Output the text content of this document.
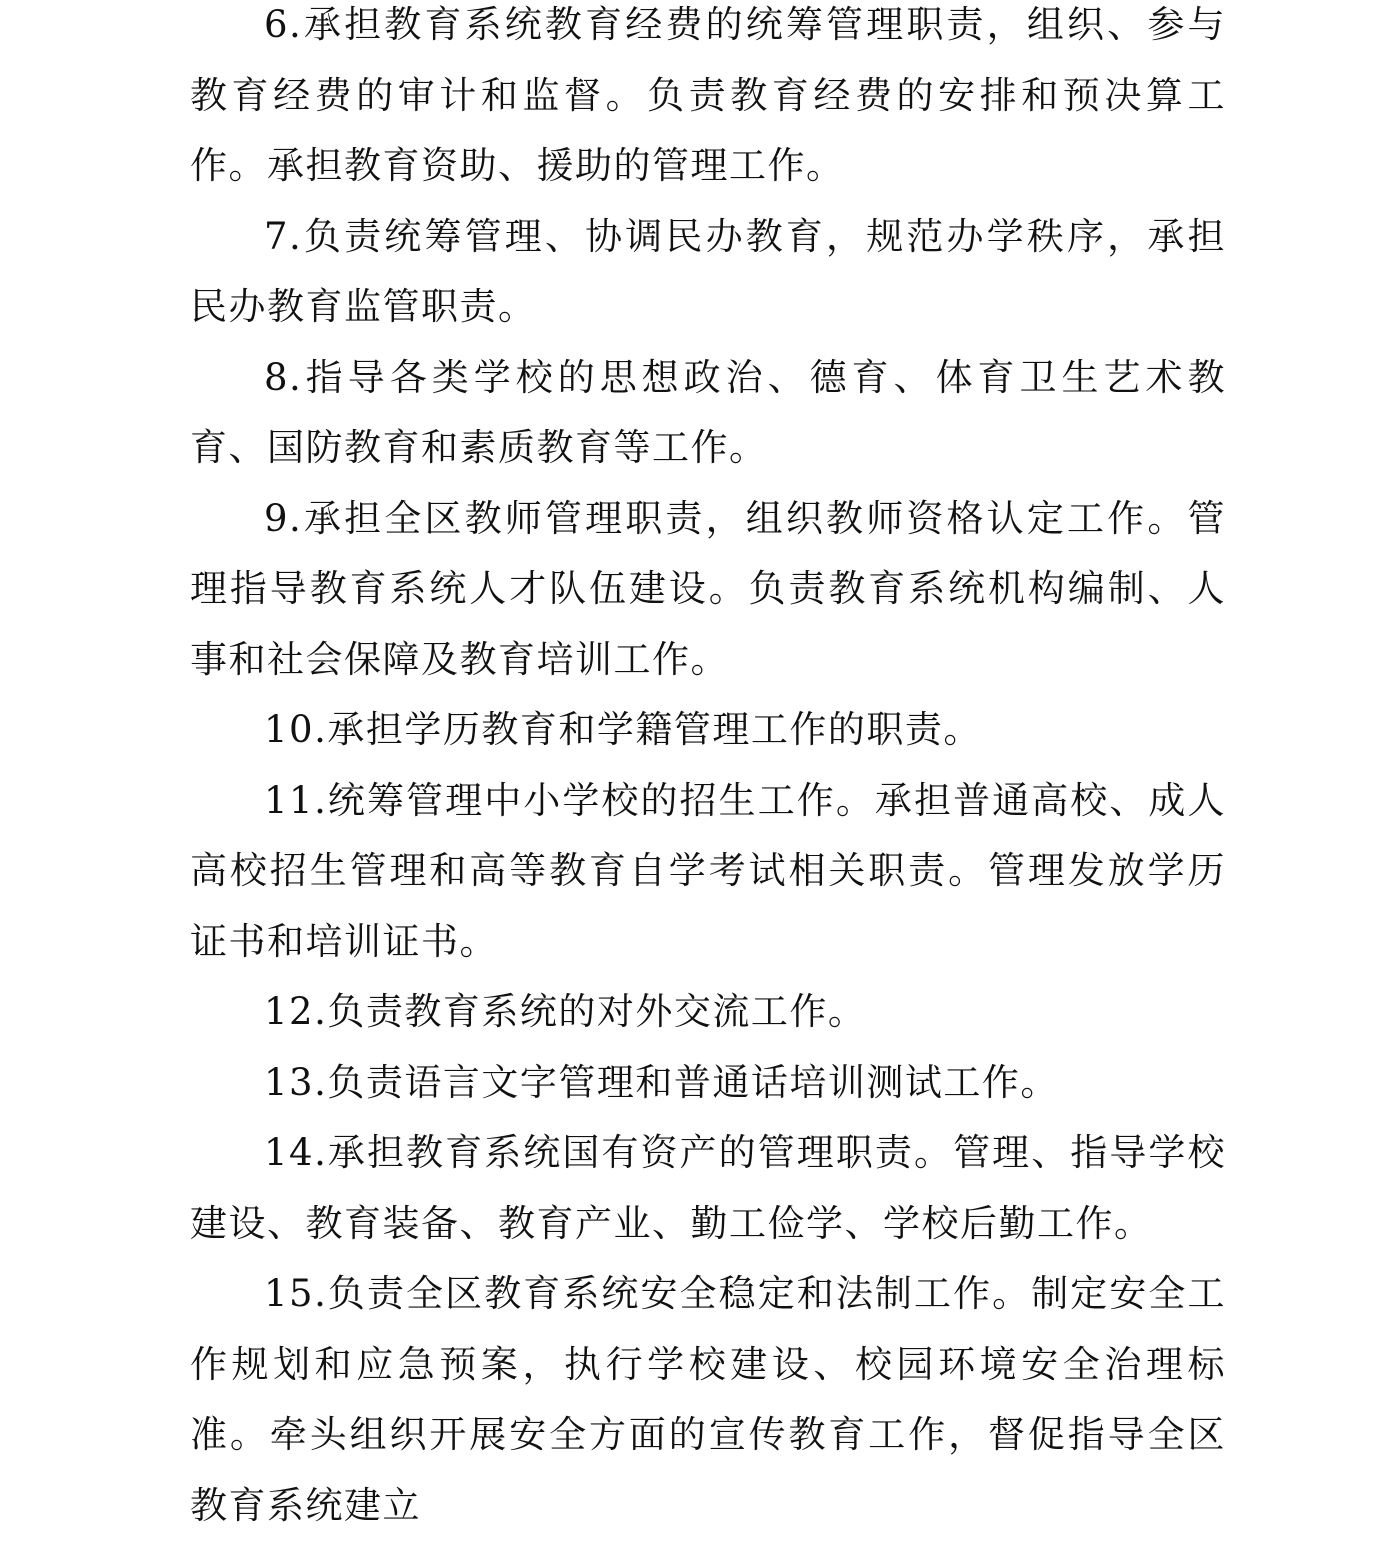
6.承担教育系统教育经费的统筹管理职责，组织、参与教育经费的审计和监督。负责教育经费的安排和预决算工作。承担教育资助、援助的管理工作。

7.负责统筹管理、协调民办教育，规范办学秩序，承担民办教育监管职责。

8.指导各类学校的思想政治、德育、体育卫生艺术教育、国防教育和素质教育等工作。

9.承担全区教师管理职责，组织教师资格认定工作。管理指导教育系统人才队伍建设。负责教育系统机构编制、人事和社会保障及教育培训工作。

10.承担学历教育和学籍管理工作的职责。

11.统筹管理中小学校的招生工作。承担普通高校、成人高校招生管理和高等教育自学考试相关职责。管理发放学历证书和培训证书。

12.负责教育系统的对外交流工作。

13.负责语言文字管理和普通话培训测试工作。

14.承担教育系统国有资产的管理职责。管理、指导学校建设、教育装备、教育产业、勤工俭学、学校后勤工作。

15.负责全区教育系统安全稳定和法制工作。制定安全工作规划和应急预案，执行学校建设、校园环境安全治理标准。牵头组织开展安全方面的宣传教育工作，督促指导全区教育系统建立
